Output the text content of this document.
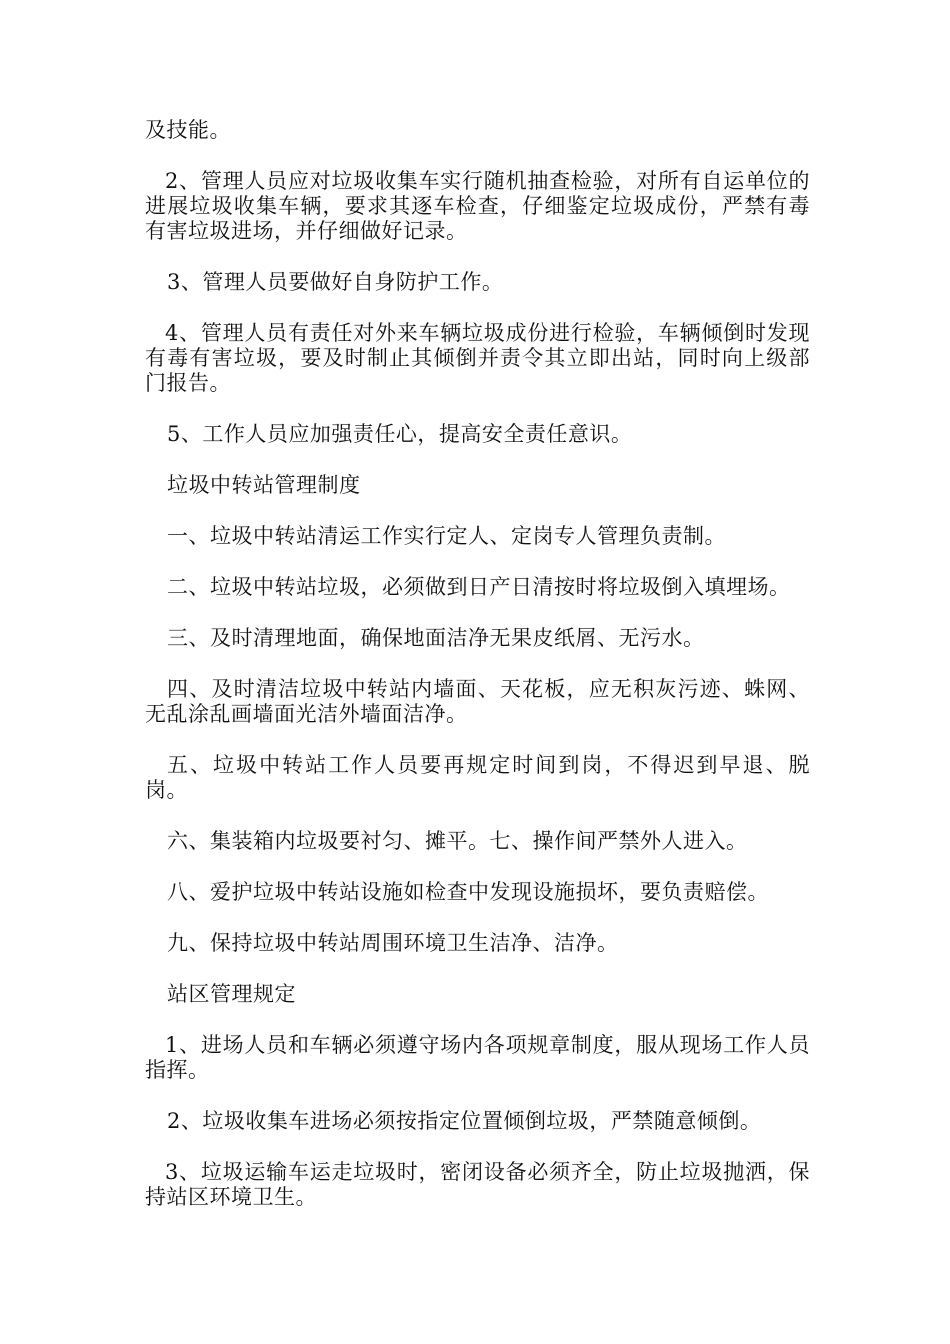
及技能。

2、管理人员应对垃圾收集车实行随机抽查检验，对所有自运单位的进展垃圾收集车辆，要求其逐车检查，仔细鉴定垃圾成份，严禁有毒有害垃圾进场，并仔细做好记录。

3、管理人员要做好自身防护工作。

4、管理人员有责任对外来车辆垃圾成份进行检验，车辆倾倒时发现有毒有害垃圾，要及时制止其倾倒并责令其立即出站，同时向上级部门报告。

5、工作人员应加强责任心，提高安全责任意识。

垃圾中转站管理制度

一、垃圾中转站清运工作实行定人、定岗专人管理负责制。

二、垃圾中转站垃圾，必须做到日产日清按时将垃圾倒入填埋场。

三、及时清理地面，确保地面洁净无果皮纸屑、无污水。

四、及时清洁垃圾中转站内墙面、天花板，应无积灰污迹、蛛网、无乱涂乱画墙面光洁外墙面洁净。

五、垃圾中转站工作人员要再规定时间到岗，不得迟到早退、脱岗。

六、集装箱内垃圾要衬匀、摊平。七、操作间严禁外人进入。

八、爱护垃圾中转站设施如检查中发现设施损坏，要负责赔偿。

九、保持垃圾中转站周围环境卫生洁净、洁净。

站区管理规定

1、进场人员和车辆必须遵守场内各项规章制度，服从现场工作人员指挥。

2、垃圾收集车进场必须按指定位置倾倒垃圾，严禁随意倾倒。

3、垃圾运输车运走垃圾时，密闭设备必须齐全，防止垃圾抛洒，保持站区环境卫生。
